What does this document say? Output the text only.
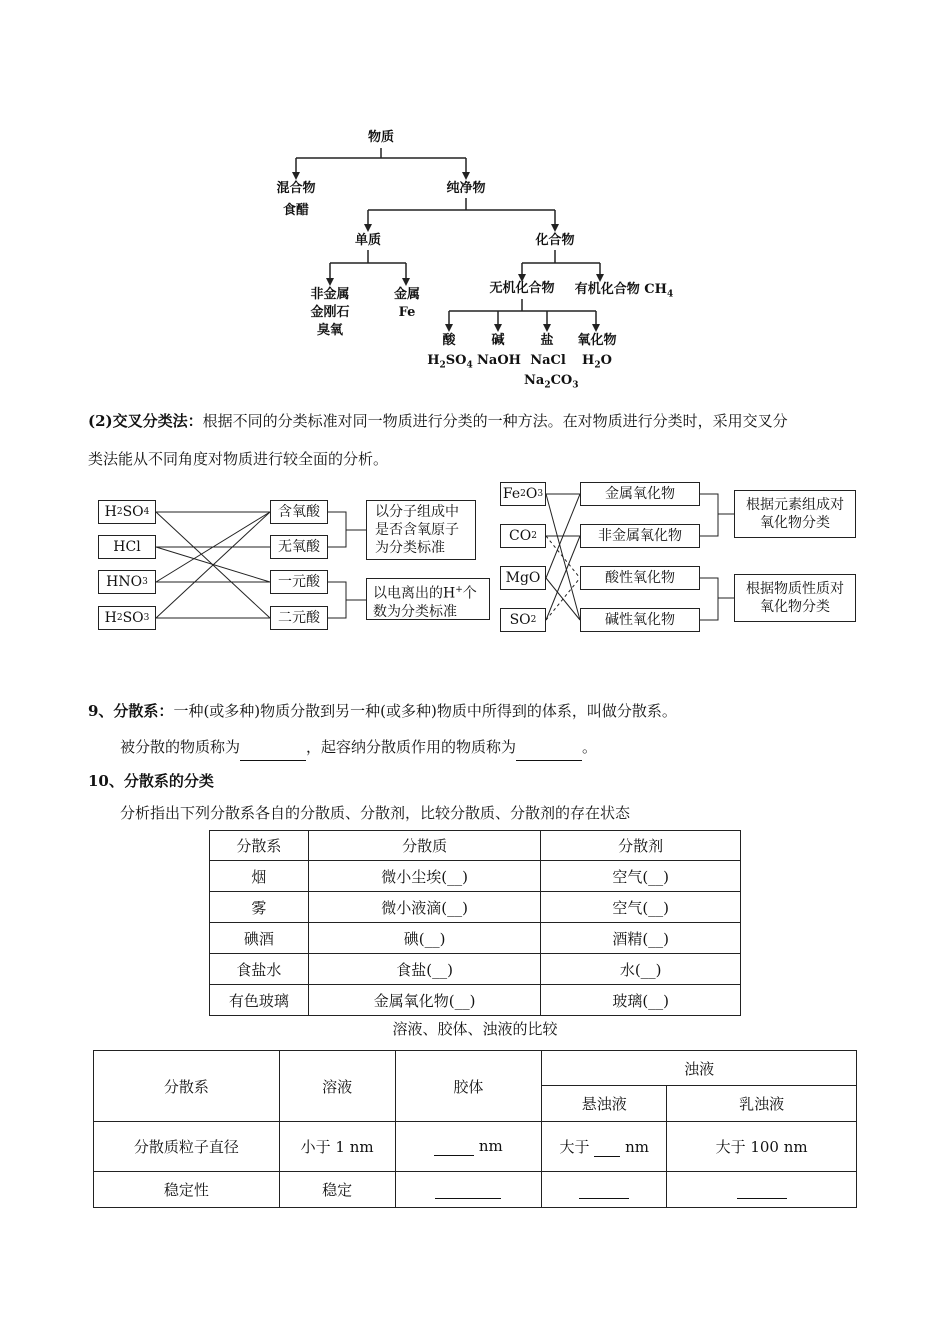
物质
混合物
食醋
纯净物
单质	化合物
非金属
金刚石
臭氧
金属
Fe
无机化合物	有机化合物 $CH_4$
酸	碱	盐	氧化物
$H_2SO_4$ NaOH NaCl
$Na_2CO_3$
$H_2O$
(2)交叉分类法：根据不同的分类标准对同一物质进行分类的一种方法。在对物质进行分类时，采用交叉分
类法能从不同角度对物质进行较全面的分析。
H 2 SO 4
HCl
HNO 3
H 2 SO 3
含氧酸
无氧酸
一元酸
二元酸
以分子组成中是否含氧原子为分类标准
以电离出的H+个数为分类标准
Fe 2 O 3
CO 2
MgO
SO 2
金属氧化物
非金属氧化物
酸性氧化物
碱性氧化物
根据元素组成对氧化物分类
根据物质性质对氧化物分类
9、分散系：一种(或多种)物质分散到另一种(或多种)物质中所得到的体系，叫做分散系。
被分散的物质称为	，起容纳分散质作用的物质称为	。
10、分散系的分类
分析指出下列分散系各自的分散质、分散剂，比较分散质、分散剂的存在状态
分散系	分散质	分散剂
烟	微小尘埃(__)	空气(__)
雾	微小液滴(__)	空气(__)
碘酒	碘(__)	酒精(__)
食盐水	食盐(__)	水(__)
有色玻璃	金属氧化物(__)	玻璃(__)
溶液、胶体、浊液的比较
分散系	溶液	胶体	浊液	
			悬浊液	乳浊液
分散质粒子直径	小于 1 nm	nm	大于 nm	大于 100 nm
稳定性	稳定			
